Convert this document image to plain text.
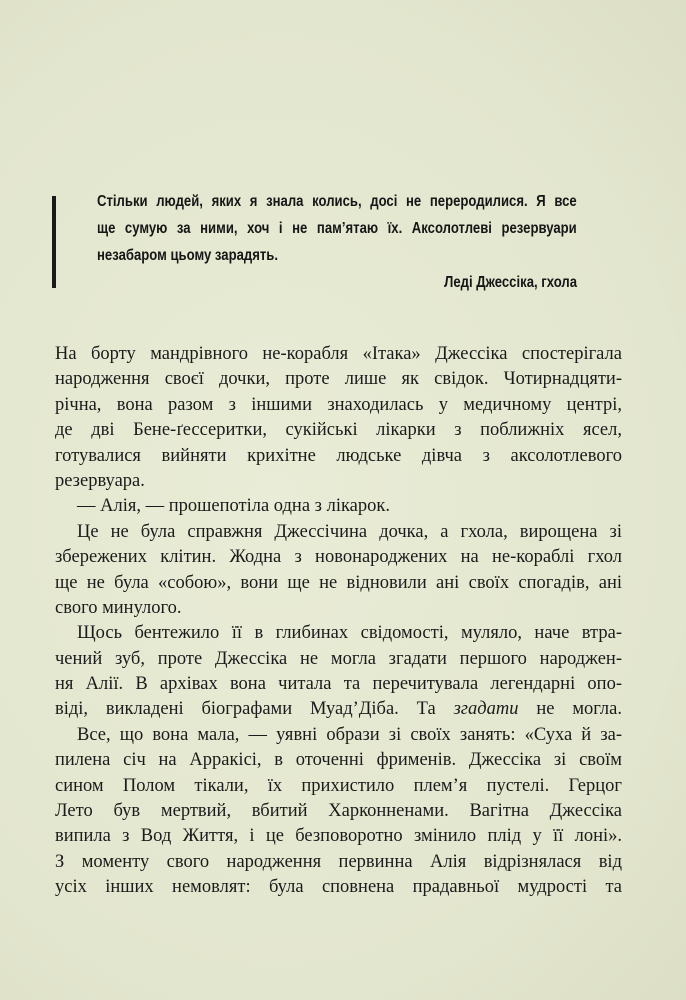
Стільки людей, яких я знала колись, досі не переродилися. Я все
ще сумую за ними, хоч і не пам’ятаю їх. Аксолотлеві резервуари
незабаром цьому зарадять.
Леді Джессіка, гхола
На борту мандрівного не-корабля «Ітака» Джессіка спостерігала
народження своєї дочки, проте лише як свідок. Чотирнадцяти-
річна, вона разом з іншими знаходилась у медичному центрі,
де дві Бене-ґессеритки, сукійські лікарки з поближніх ясел,
готувалися вийняти крихітне людське дівча з аксолотлевого
резервуара.
— Алія, — прошепотіла одна з лікарок.
Це не була справжня Джессічина дочка, а гхола, вирощена зі
збережених клітин. Жодна з новонароджених на не-кораблі гхол
ще не була «собою», вони ще не відновили ані своїх спогадів, ані
свого минулого.
Щось бентежило її в глибинах свідомості, муляло, наче втра-
чений зуб, проте Джессіка не могла згадати першого народжен-
ня Алії. В архівах вона читала та перечитувала легендарні опо-
віді, викладені біографами Муад’Діба. Та згадати не могла.
Все, що вона мала, — уявні образи зі своїх занять: «Суха й за-
пилена січ на Арракісі, в оточенні фрименів. Джессіка зі своїм
сином Полом тікали, їх прихистило плем’я пустелі. Герцог
Лето був мертвий, вбитий Харконненами. Вагітна Джессіка
випила з Вод Життя, і це безповоротно змінило плід у її лоні».
З моменту свого народження первинна Алія відрізнялася від
усіх інших немовлят: була сповнена прадавньої мудрості та
